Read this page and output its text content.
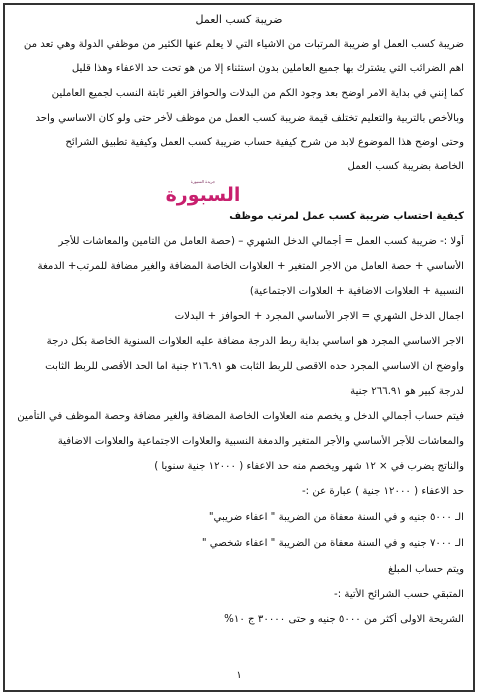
ضريبة كسب العمل
ضريبة كسب العمل او ضريبة المرتبات من الاشياء التي لا يعلم عنها الكثير من موظفي الدولة وهي تعد من
اهم الضرائب التي يشترك بها جميع العاملين بدون استثناء إلا من هو تحت حد الاعفاء وهذا قليل
كما إنني في بداية الامر اوضح بعد وجود الكم من البدلات والحوافز الغير ثابتة النسب لجميع العاملين
وبالأخص بالتربية والتعليم تختلف قيمة ضريبة كسب العمل من موظف لأخر حتى ولو كان الاساسي واحد
وحتى اوضح هذا الموضوع لابد من شرح كيفية حساب ضريبة كسب العمل وكيفية تطبيق الشرائح
الخاصة بضريبة كسب العمل
جريدة السبورة
السبورة
كيفية احتساب ضريبة كسب عمل لمرتب موظف
أولا :- ضريبة كسب العمل = أجمالي الدخل الشهري – (حصة العامل من التامين والمعاشات للأجر
الأساسي + حصة العامل من الاجر المتغير + العلاوات الخاصة المضافة والغير مضافة للمرتب+ الدمغة
النسبية + العلاوات الاضافية + العلاوات الاجتماعية)
اجمال الدخل الشهري = الاجر الأساسي المجرد + الحوافز + البدلات
الاجر الاساسي المجرد هو اساسي بداية ربط الدرجة مضافة عليه العلاوات السنوية الخاصة بكل درجة
واوضح ان الاساسي المجرد حده الاقصى للربط الثابت هو ٢١٦.٩١ جنية اما الحد الأقصى للربط الثابت
لدرجة كبير هو ٢٦٦.٩١ جنية
فيتم حساب أجمالي الدخل و يخصم منه العلاوات الخاصة المضافة والغير مضافة وحصة الموظف في التأمين
والمعاشات للأجر الأساسي والأجر المتغير والدمغة النسبية والعلاوات الاجتماعية والعلاوات الاضافية
والناتج يضرب في × ١٢ شهر ويخصم منه حد الاعفاء ( ١٢٠٠٠ جنية سنويا )
حد الاعفاء ( ١٢٠٠٠ جنية ) عبارة عن :-
الـ ٥٠٠٠ جنيه و في السنة معفاة من الضريبة " اعفاء ضريبي"
الـ ٧٠٠٠ جنيه و في السنة معفاة من الضريبة " اعفاء شخصي "
ويتم حساب المبلغ
المتبقي حسب الشرائح الأتية :-
الشريحة الاولى أكثر من ٥٠٠٠ جنيه و حتى ٣٠٠٠٠ ج ١٠%
١
